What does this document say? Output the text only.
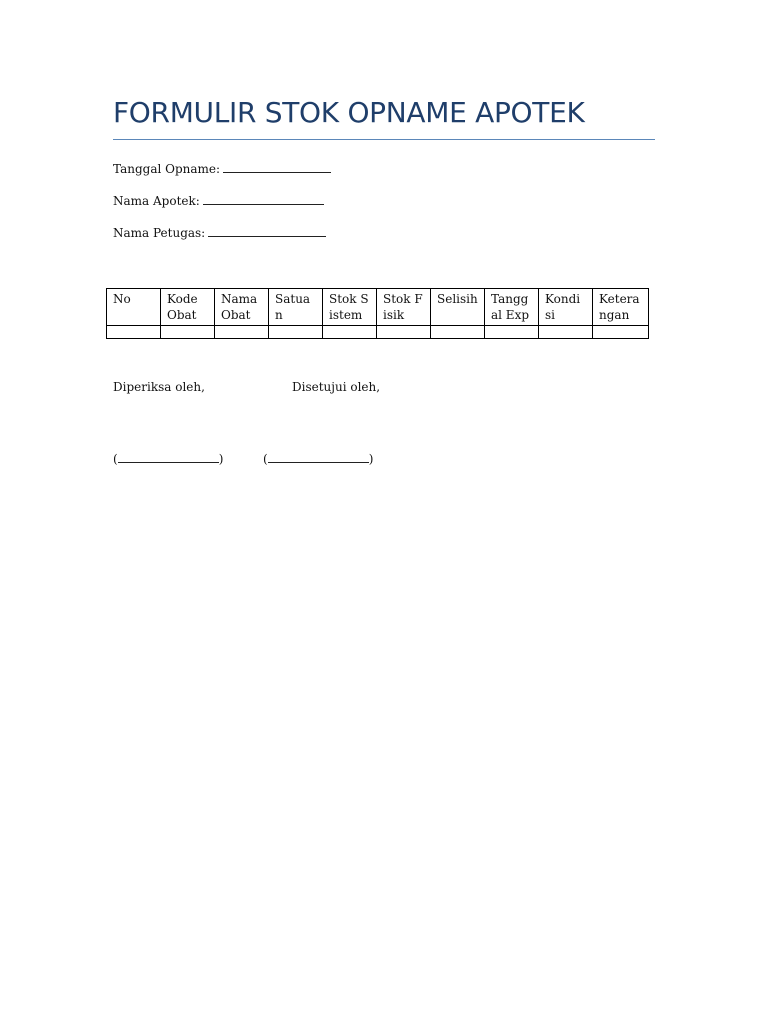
FORMULIR STOK OPNAME APOTEK
Tanggal Opname:
Nama Apotek:
Nama Petugas:
No	Kode Obat	Nama Obat	Satuan	Stok Sistem	Stok Fisik	Selisih	Tanggal Exp	Kondisi	Keterangan

Diperiksa oleh,	Disetujui oleh,
(	)	(	)
